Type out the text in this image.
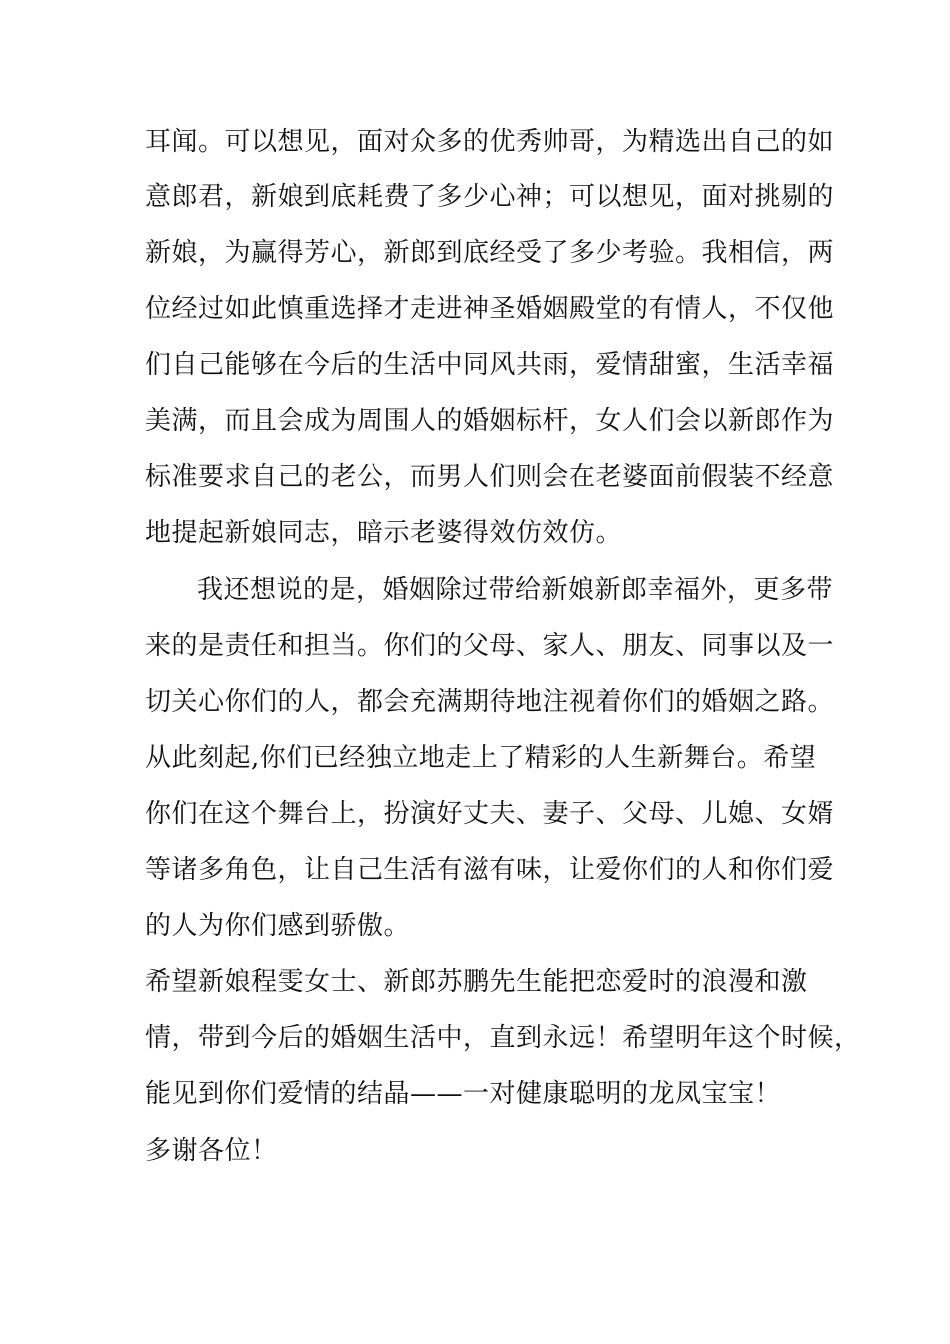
耳闻。可以想见，面对众多的优秀帅哥，为精选出自己的如
意郎君，新娘到底耗费了多少心神；可以想见，面对挑剔的
新娘，为赢得芳心，新郎到底经受了多少考验。我相信，两
位经过如此慎重选择才走进神圣婚姻殿堂的有情人，不仅他
们自己能够在今后的生活中同风共雨，爱情甜蜜，生活幸福
美满，而且会成为周围人的婚姻标杆，女人们会以新郎作为
标准要求自己的老公，而男人们则会在老婆面前假装不经意
地提起新娘同志，暗示老婆得效仿效仿。
我还想说的是，婚姻除过带给新娘新郎幸福外，更多带
来的是责任和担当。你们的父母、家人、朋友、同事以及一
切关心你们的人，都会充满期待地注视着你们的婚姻之路。
从此刻起,你们已经独立地走上了精彩的人生新舞台。希望
你们在这个舞台上，扮演好丈夫、妻子、父母、儿媳、女婿
等诸多角色，让自己生活有滋有味，让爱你们的人和你们爱
的人为你们感到骄傲。
希望新娘程雯女士、新郎苏鹏先生能把恋爱时的浪漫和激
情，带到今后的婚姻生活中，直到永远！希望明年这个时候，
能见到你们爱情的结晶——一对健康聪明的龙凤宝宝！
多谢各位！
